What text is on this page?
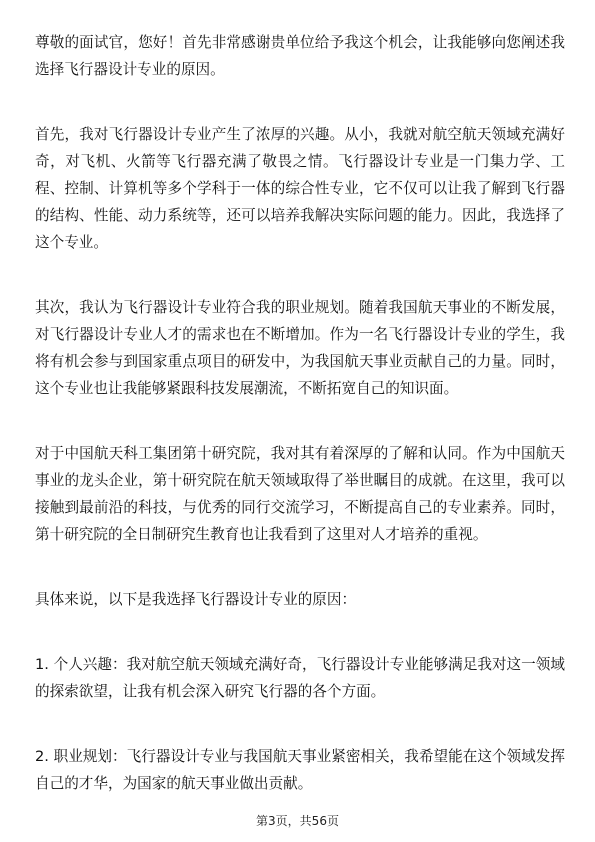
尊敬的面试官，您好！首先非常感谢贵单位给予我这个机会，让我能够向您阐述我选择飞行器设计专业的原因。

首先，我对飞行器设计专业产生了浓厚的兴趣。从小，我就对航空航天领域充满好奇，对飞机、火箭等飞行器充满了敬畏之情。飞行器设计专业是一门集力学、工程、控制、计算机等多个学科于一体的综合性专业，它不仅可以让我了解到飞行器的结构、性能、动力系统等，还可以培养我解决实际问题的能力。因此，我选择了这个专业。

其次，我认为飞行器设计专业符合我的职业规划。随着我国航天事业的不断发展，对飞行器设计专业人才的需求也在不断增加。作为一名飞行器设计专业的学生，我将有机会参与到国家重点项目的研发中，为我国航天事业贡献自己的力量。同时，这个专业也让我能够紧跟科技发展潮流，不断拓宽自己的知识面。

对于中国航天科工集团第十研究院，我对其有着深厚的了解和认同。作为中国航天事业的龙头企业，第十研究院在航天领域取得了举世瞩目的成就。在这里，我可以接触到最前沿的科技，与优秀的同行交流学习，不断提高自己的专业素养。同时，第十研究院的全日制研究生教育也让我看到了这里对人才培养的重视。

具体来说，以下是我选择飞行器设计专业的原因：

1. 个人兴趣：我对航空航天领域充满好奇，飞行器设计专业能够满足我对这一领域的探索欲望，让我有机会深入研究飞行器的各个方面。

2. 职业规划：飞行器设计专业与我国航天事业紧密相关，我希望能在这个领域发挥自己的才华，为国家的航天事业做出贡献。

第3页，共56页
